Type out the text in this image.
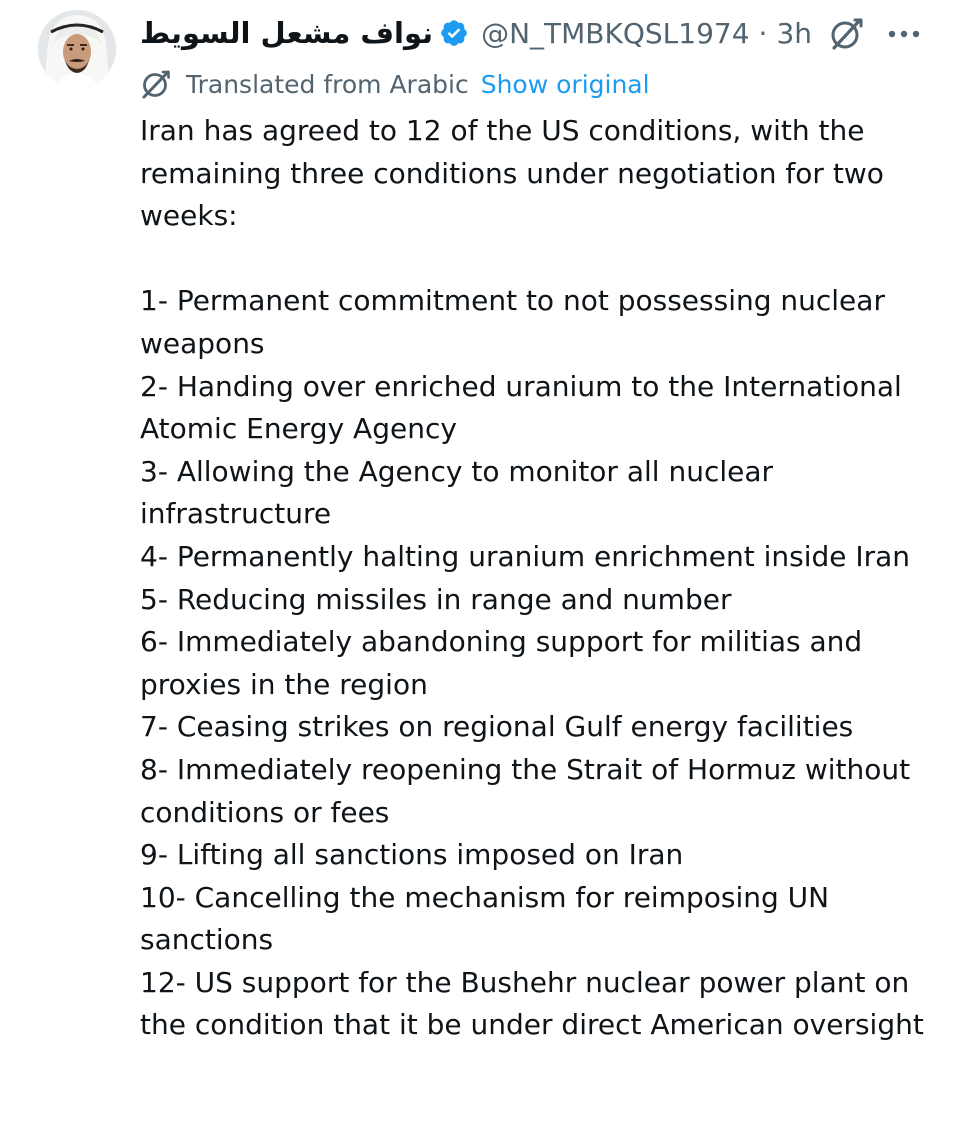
نواف مشعل السويط @N_TMBKQSL1974 · 3h
Translated from Arabic Show original
Iran has agreed to 12 of the US conditions, with the remaining three conditions under negotiation for two weeks:

1- Permanent commitment to not possessing nuclear weapons
2- Handing over enriched uranium to the International Atomic Energy Agency
3- Allowing the Agency to monitor all nuclear infrastructure
4- Permanently halting uranium enrichment inside Iran
5- Reducing missiles in range and number
6- Immediately abandoning support for militias and proxies in the region
7- Ceasing strikes on regional Gulf energy facilities
8- Immediately reopening the Strait of Hormuz without conditions or fees
9- Lifting all sanctions imposed on Iran
10- Cancelling the mechanism for reimposing UN sanctions
12- US support for the Bushehr nuclear power plant on the condition that it be under direct American oversight
